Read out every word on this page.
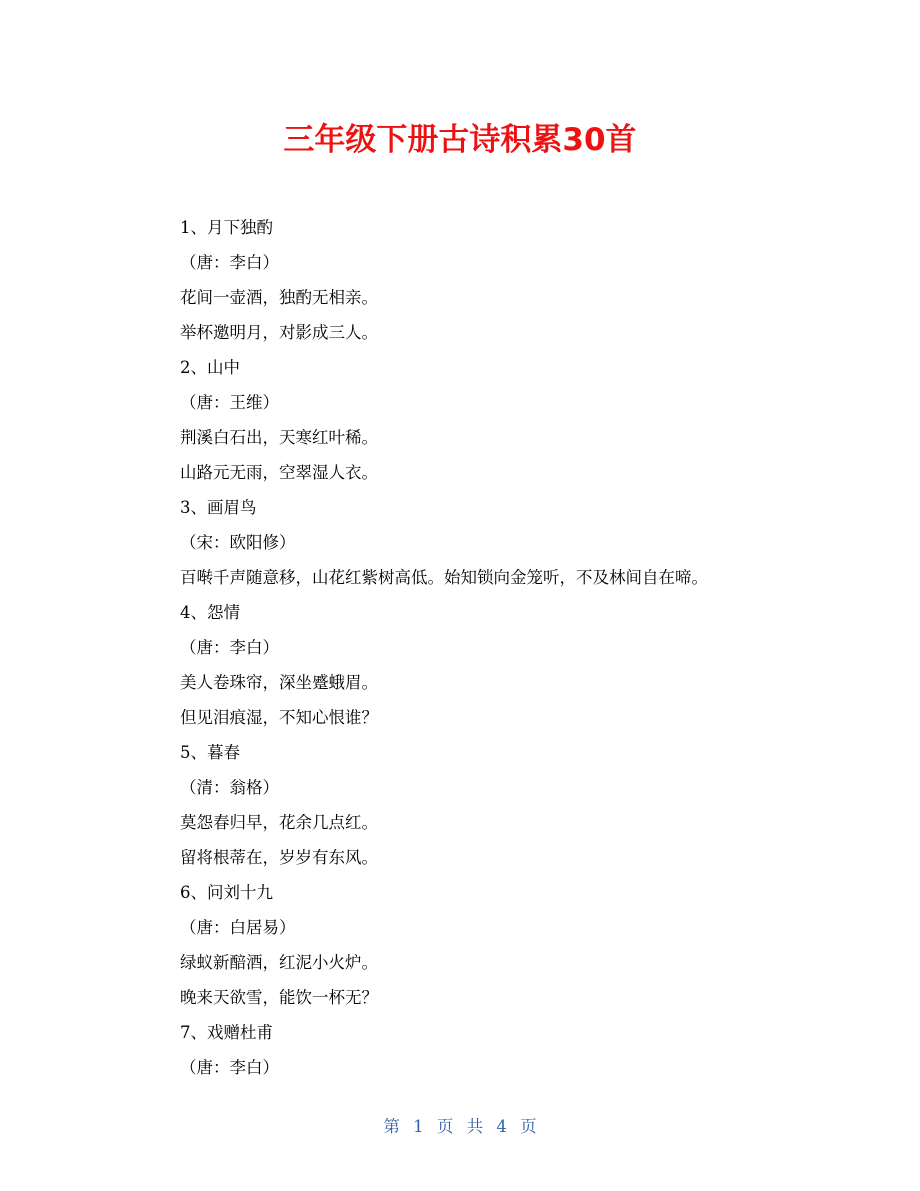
三年级下册古诗积累30首
1、月下独酌
（唐：李白）
花间一壶酒，独酌无相亲。
举杯邀明月，对影成三人。
2、山中
（唐：王维）
荆溪白石出，天寒红叶稀。
山路元无雨，空翠湿人衣。
3、画眉鸟
（宋：欧阳修）
百啭千声随意移，山花红紫树高低。始知锁向金笼听，不及林间自在啼。
4、怨情
（唐：李白）
美人卷珠帘，深坐蹙蛾眉。
但见泪痕湿，不知心恨谁？
5、暮春
（清：翁格）
莫怨春归早，花余几点红。
留将根蒂在，岁岁有东风。
6、问刘十九
（唐：白居易）
绿蚁新醅酒，红泥小火炉。
晚来天欲雪，能饮一杯无？
7、戏赠杜甫
（唐：李白）
第 1 页 共 4 页
